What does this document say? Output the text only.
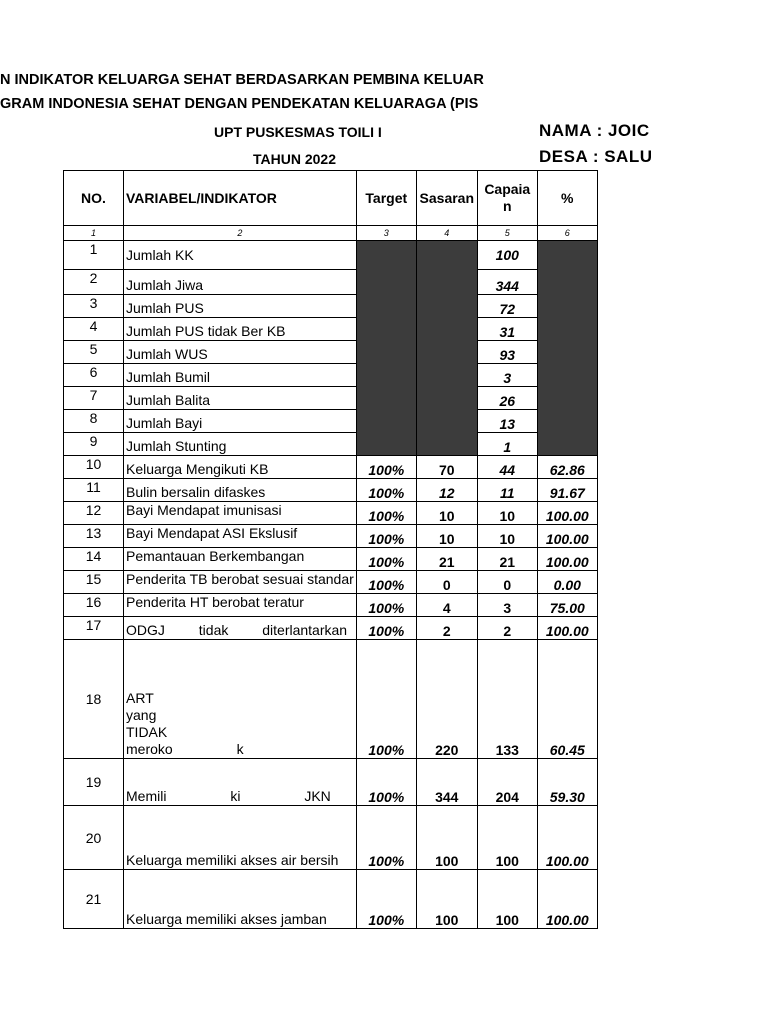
N INDIKATOR KELUARGA SEHAT BERDASARKAN PEMBINA KELUAR
GRAM INDONESIA SEHAT DENGAN PENDEKATAN KELUARAGA (PIS
UPT PUSKESMAS TOILI I
TAHUN 2022
NAMA : JOIC
DESA : SALU
NO.	VARIABEL/INDIKATOR	Target	Sasaran	Capaia n	%
1	2	3	4	5	6
1	Jumlah KK			100	
2	Jumlah Jiwa			344	
3	Jumlah PUS			72	
4	Jumlah PUS tidak Ber KB			31	
5	Jumlah WUS			93	
6	Jumlah Bumil			3	
7	Jumlah Balita			26	
8	Jumlah Bayi			13	
9	Jumlah Stunting			1	
10	Keluarga Mengikuti KB	100%	70	44	62.86
11	Bulin bersalin difaskes	100%	12	11	91.67
12	Bayi Mendapat imunisasi	100%	10	10	100.00
13	Bayi Mendapat ASI Ekslusif	100%	10	10	100.00
14	Pemantauan Berkembangan	100%	21	21	100.00
15	Penderita TB berobat sesuai standar	100%	0	0	0.00
16	Penderita HT berobat teratur	100%	4	3	75.00
17	ODGJ tidak diterlantarkan	100%	2	2	100.00
18	ART yang TIDAK meroko k	100%	220	133	60.45
19	Memili ki JKN	100%	344	204	59.30
20	Keluarga memiliki akses air bersih	100%	100	100	100.00
21	Keluarga memiliki akses jamban	100%	100	100	100.00
